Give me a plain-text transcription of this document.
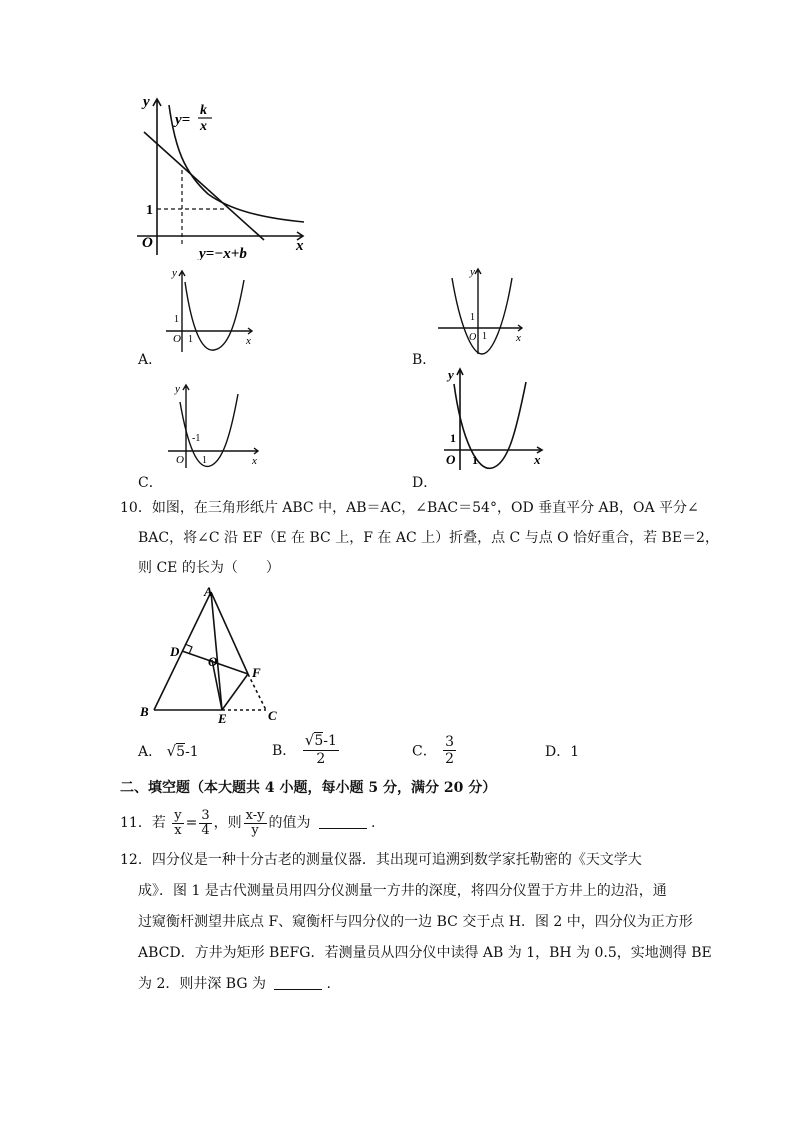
y
x
O
1
y=
k
x
y=−x+b
y
x
O
1
1
A．
y
x
O
1
1
B．
y
x
O
-1
1
C．
y
x
O
1
1
D．
10．如图，在三角形纸片 ABC 中，AB＝AC，∠BAC＝54°，OD 垂直平分 AB，OA 平分∠
BAC，将∠C 沿 EF（E 在 BC 上，F 在 AC 上）折叠，点 C 与点 O 恰好重合，若 BE＝2，
则 CE 的长为（　　）
A
B	C
D
E
F
O
A． √5-1	B． $\frac{√5-1}{2}$	C． $\frac{3}{2}$	D．1
二、填空题（本大题共 4 小题，每小题 5 分，满分 20 分）
11．若 $\frac{y}{x} = \frac{3}{4}$ ，则 $\frac{x-y}{y}$ 的值为	.
12．四分仪是一种十分古老的测量仪器．其出现可追溯到数学家托勒密的《天文学大
成》．图 1 是古代测量员用四分仪测量一方井的深度，将四分仪置于方井上的边沿，通
过窥衡杆测望井底点 F、窥衡杆与四分仪的一边 BC 交于点 H．图 2 中，四分仪为正方形
ABCD．方井为矩形 BEFG．若测量员从四分仪中读得 AB 为 1，BH 为 0.5，实地测得 BE
为 2．则井深 BG 为	.
